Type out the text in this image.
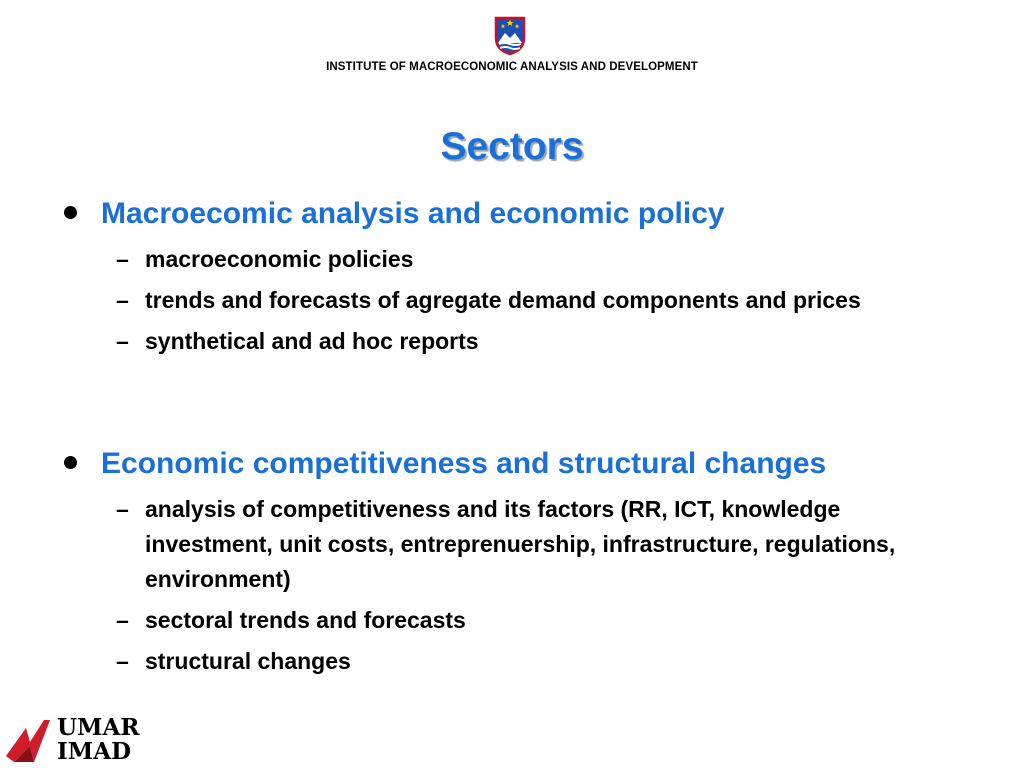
INSTITUTE OF MACROECONOMIC ANALYSIS AND DEVELOPMENT
Sectors
Macroecomic analysis and economic policy
– macroeconomic policies
– trends and forecasts of agregate demand components and prices
– synthetical and ad hoc reports
Economic competitiveness and structural changes
– analysis of competitiveness and its factors (RR, ICT, knowledge investment, unit costs, entreprenuership, infrastructure, regulations, environment)
– sectoral trends and forecasts
– structural changes
UMAR
IMAD
